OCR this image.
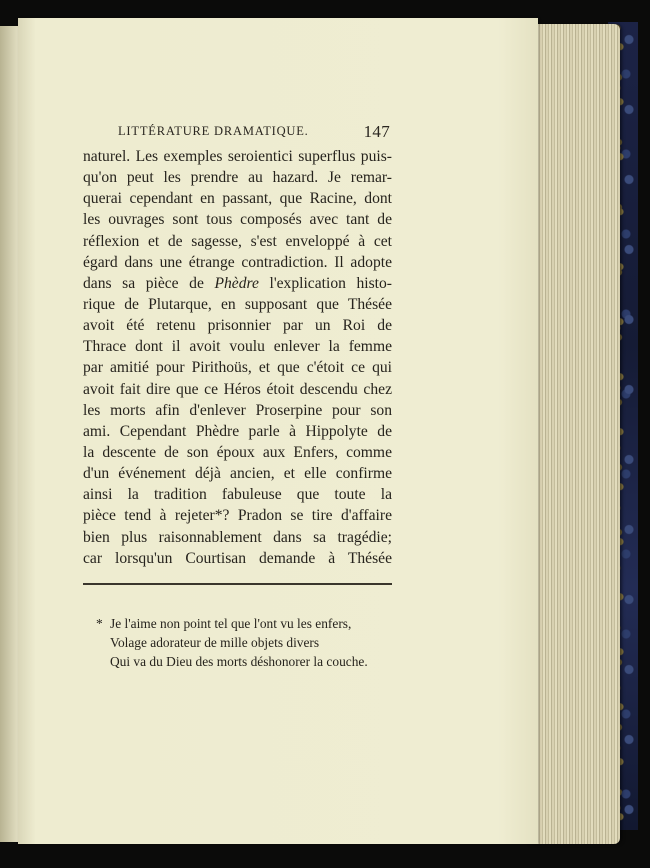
LITTÉRATURE DRAMATIQUE.	147
naturel. Les exemples seroientici superflus puis-
qu'on peut les prendre au hazard. Je remar-
querai cependant en passant, que Racine, dont
les ouvrages sont tous composés avec tant de
réflexion et de sagesse, s'est enveloppé à cet
égard dans une étrange contradiction. Il adopte
dans sa pièce de Phèdre l'explication histo-
rique de Plutarque, en supposant que Thésée
avoit été retenu prisonnier par un Roi de
Thrace dont il avoit voulu enlever la femme
par amitié pour Pirithoüs, et que c'étoit ce qui
avoit fait dire que ce Héros étoit descendu chez
les morts afin d'enlever Proserpine pour son
ami. Cependant Phèdre parle à Hippolyte de
la descente de son époux aux Enfers, comme
d'un événement déjà ancien, et elle confirme
ainsi la tradition fabuleuse que toute la
pièce tend à rejeter*? Pradon se tire d'affaire
bien plus raisonnablement dans sa tragédie;
car lorsqu'un Courtisan demande à Thésée
* Je l'aime non point tel que l'ont vu les enfers,
Volage adorateur de mille objets divers
Qui va du Dieu des morts déshonorer la couche.
